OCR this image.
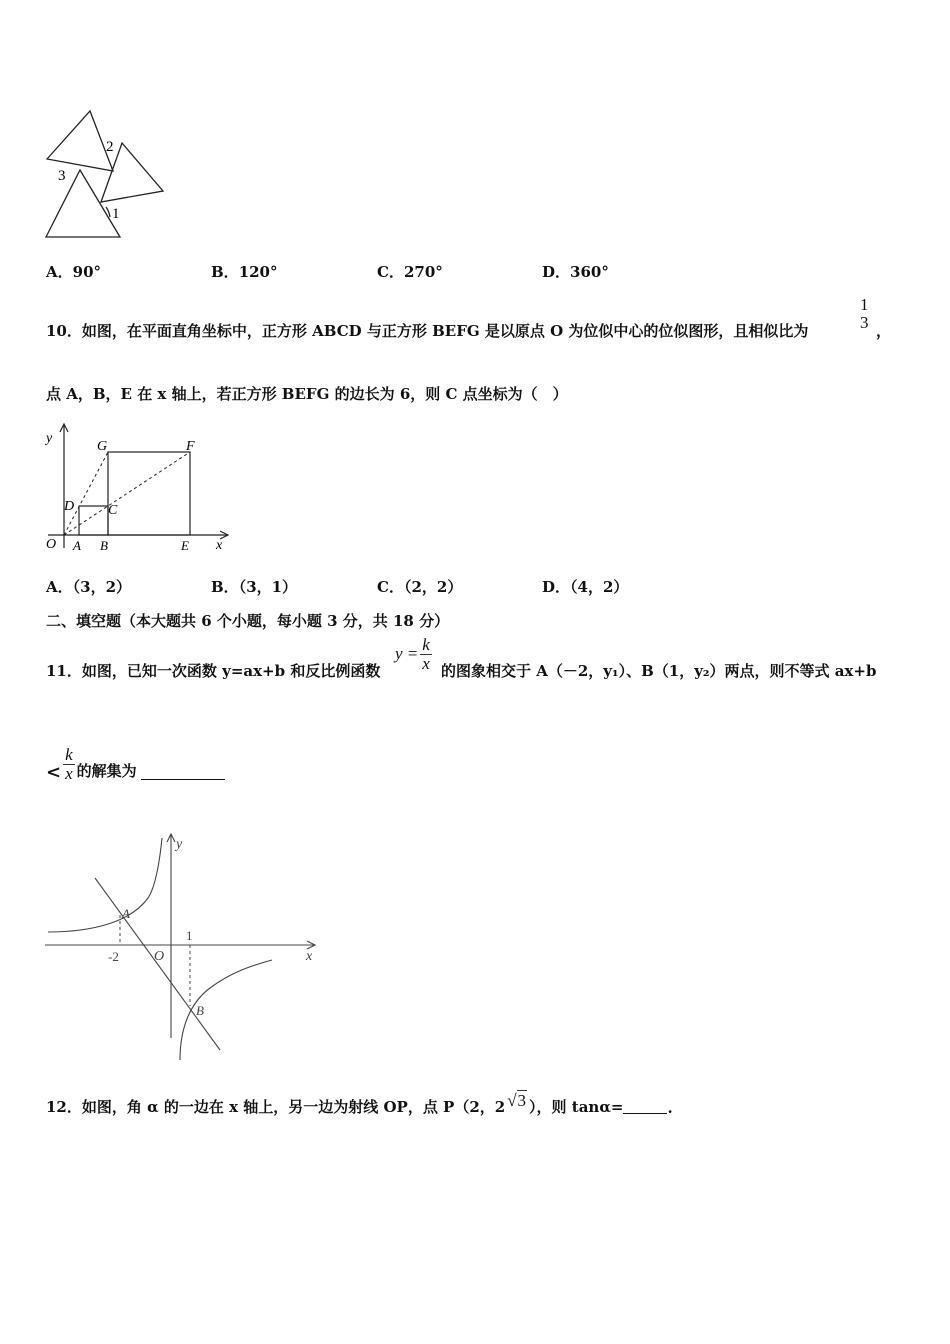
2
3
1
A．90°	B．120°	C．270°	D．360°
10．如图，在平面直角坐标中，正方形 ABCD 与正方形 BEFG 是以原点 O 为位似中心的位似图形，且相似比为
1
3 ，
点 A，B，E 在 x 轴上，若正方形 BEFG 的边长为 6，则 C 点坐标为（　）
y
x
O A B	E
D C
G	F
A．（3，2）	B．（3，1）	C．（2，2）	D．（4，2）
二、填空题（本大题共 6 个小题，每小题 3 分，共 18 分）
11．如图，已知一次函数 y=ax+b 和反比例函数
$y = \frac{k}{x}$ 的图象相交于 A（－2，y₁）、B（1，y₂）两点，则不等式 ax+b
< $\frac{k}{x}$ 的解集为
y
x
O
1
-2
A
B
12．如图，角 α 的一边在 x 轴上，另一边为射线 OP，点 P（2，2 √ 3 ），则 tanα=	.
